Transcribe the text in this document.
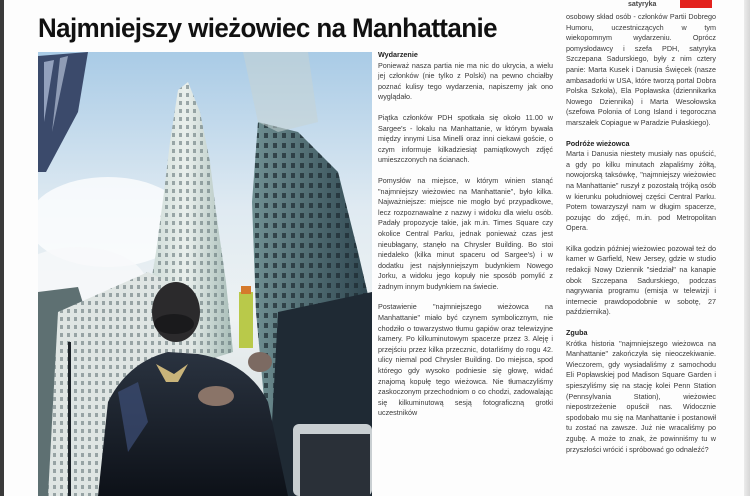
satyryka
Najmniejszy wieżowiec na Manhattanie
Wydarzenie

Ponieważ nasza partia nie ma nic do ukrycia, a wielu jej członków (nie tylko z Polski) na pewno chciałby poznać kulisy tego wydarzenia, napiszemy jak ono wyglądało.

Piątka członków PDH spotkała się około 11.00 w Sargee's - lokalu na Manhattanie, w którym bywała między innymi Lisa Minelli oraz inni ciekawi goście, o czym informuje kilkadziesiąt pamiątkowych zdjęć umieszczonych na ścianach.

Pomysłów na miejsce, w którym winien stanąć "najmniejszy wieżowiec na Manhattanie", było kilka. Najważniejsze: miejsce nie mogło być przypadkowe, lecz rozpoznawalne z nazwy i widoku dla wielu osób. Padały propozycje takie, jak m.in. Times Square czy okolice Central Parku, jednak ponieważ czas jest nieubłagany, stanęło na Chrysler Building. Bo stoi niedaleko (kilka minut spaceru od Sargee's) i w dodatku jest najsłynniejszym budynkiem Nowego Jorku, a widoku jego kopuły nie sposób pomylić z żadnym innym budynkiem na świecie.

Postawienie "najmniejszego wieżowca na Manhattanie" miało być czynem symbolicznym, nie chodziło o towarzystwo tłumu gapiów oraz telewizyjne kamery. Po kilkuminutowym spacerze przez 3. Aleję i przejściu przez kilka przecznic, dotarliśmy do rogu 42. ulicy niemal pod Chrysler Building. Do miejsca, spod którego gdy wysoko podniesie się głowę, widać znajomą kopułę tego wieżowca. Nie tłumaczyliśmy zaskoczonym przechodniom o co chodzi, zadowalając się kilkuminutową sesją fotograficzną grotki uczestników

osobowy skład osób - członków Partii Dobrego Humoru, uczestniczących w tym wiekopomnym wydarzeniu. Oprócz pomysłodawcy i szefa PDH, satyryka Szczepana Sadurskiego, byłу z nim cztery panie: Marta Kusek i Danusia Święcek (nasze ambasadorki w USA, które tworzą portal Dobra Polska Szkoła), Ela Popławska (dziennikarka Nowego Dziennika) i Marta Wesołowska (szefowa Polonia of Long Island i tegoroczna marszałek Copiague w Paradzie Pułaskiego).

Podróże wieżowca

Marta i Danusia niestety musiały nas opuścić, a gdy po kilku minutach złapaliśmy żółtą, nowojorską taksówkę, "najmniejszy wieżowiec na Manhattanie" ruszył z pozostałą trójką osób w kierunku południowej części Central Parku. Potem towarzyszył nam w długim spacerze, pozując do zdjęć, m.in. pod Metropolitan Opera.

Kilka godzin później wieżowiec pozował też do kamer w Garfield, New Jersey, gdzie w studio redakcji Nowy Dziennik "siedział" na kanapie obok Szczepana Sadurskiego, podczas nagrywania programu (emisja w telewizji i internecie prawdopodobnie w sobotę, 27 października).

Zguba

Krótka historia "najmniejszego wieżowca na Manhattanie" zakończyła się nieoczekiwanie. Wieczorem, gdy wysiadaliśmy z samochodu Eli Popławskiej pod Madison Square Garden i spieszyliśmy się na stację kolei Penn Station (Pennsylvania Station), wieżowiec niepostrzeżenie opuścił nas. Widocznie spodobało mu się na Manhattanie i postanowił tu zostać na zawsze. Już nie wracaliśmy po zgubę. A może to znak, że powinniśmy tu w przyszłości wrócić i spróbować go odnaleźć?
